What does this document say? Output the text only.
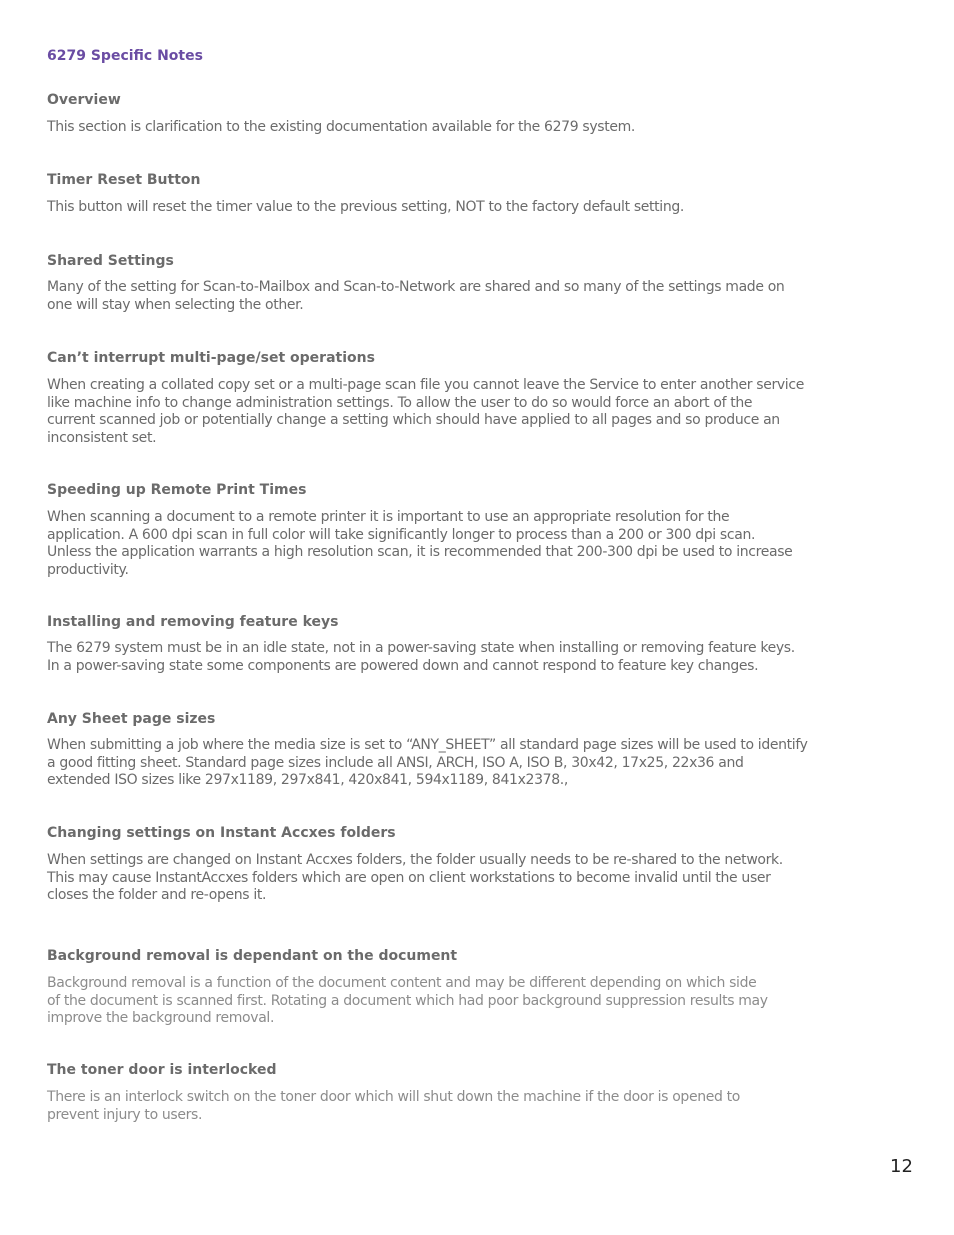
6279 Specific Notes
Overview

This section is clarification to the existing documentation available for the 6279 system.

Timer Reset Button

This button will reset the timer value to the previous setting, NOT to the factory default setting.

Shared Settings

Many of the setting for Scan-to-Mailbox and Scan-to-Network are shared and so many of the settings made on
one will stay when selecting the other.

Can’t interrupt multi-page/set operations

When creating a collated copy set or a multi-page scan file you cannot leave the Service to enter another service
like machine info to change administration settings. To allow the user to do so would force an abort of the
current scanned job or potentially change a setting which should have applied to all pages and so produce an
inconsistent set.

Speeding up Remote Print Times

When scanning a document to a remote printer it is important to use an appropriate resolution for the
application. A 600 dpi scan in full color will take significantly longer to process than a 200 or 300 dpi scan.
Unless the application warrants a high resolution scan, it is recommended that 200-300 dpi be used to increase
productivity.

Installing and removing feature keys

The 6279 system must be in an idle state, not in a power-saving state when installing or removing feature keys.
In a power-saving state some components are powered down and cannot respond to feature key changes.

Any Sheet page sizes

When submitting a job where the media size is set to “ANY_SHEET” all standard page sizes will be used to identify
a good fitting sheet. Standard page sizes include all ANSI, ARCH, ISO A, ISO B, 30x42, 17x25, 22x36 and
extended ISO sizes like 297x1189, 297x841, 420x841, 594x1189, 841x2378.,

Changing settings on Instant Accxes folders

When settings are changed on Instant Accxes folders, the folder usually needs to be re-shared to the network.
This may cause InstantAccxes folders which are open on client workstations to become invalid until the user
closes the folder and re-opens it.

Background removal is dependant on the document

Background removal is a function of the document content and may be different depending on which side
of the document is scanned first. Rotating a document which had poor background suppression results may
improve the background removal.

The toner door is interlocked

There is an interlock switch on the toner door which will shut down the machine if the door is opened to
prevent injury to users.

12
